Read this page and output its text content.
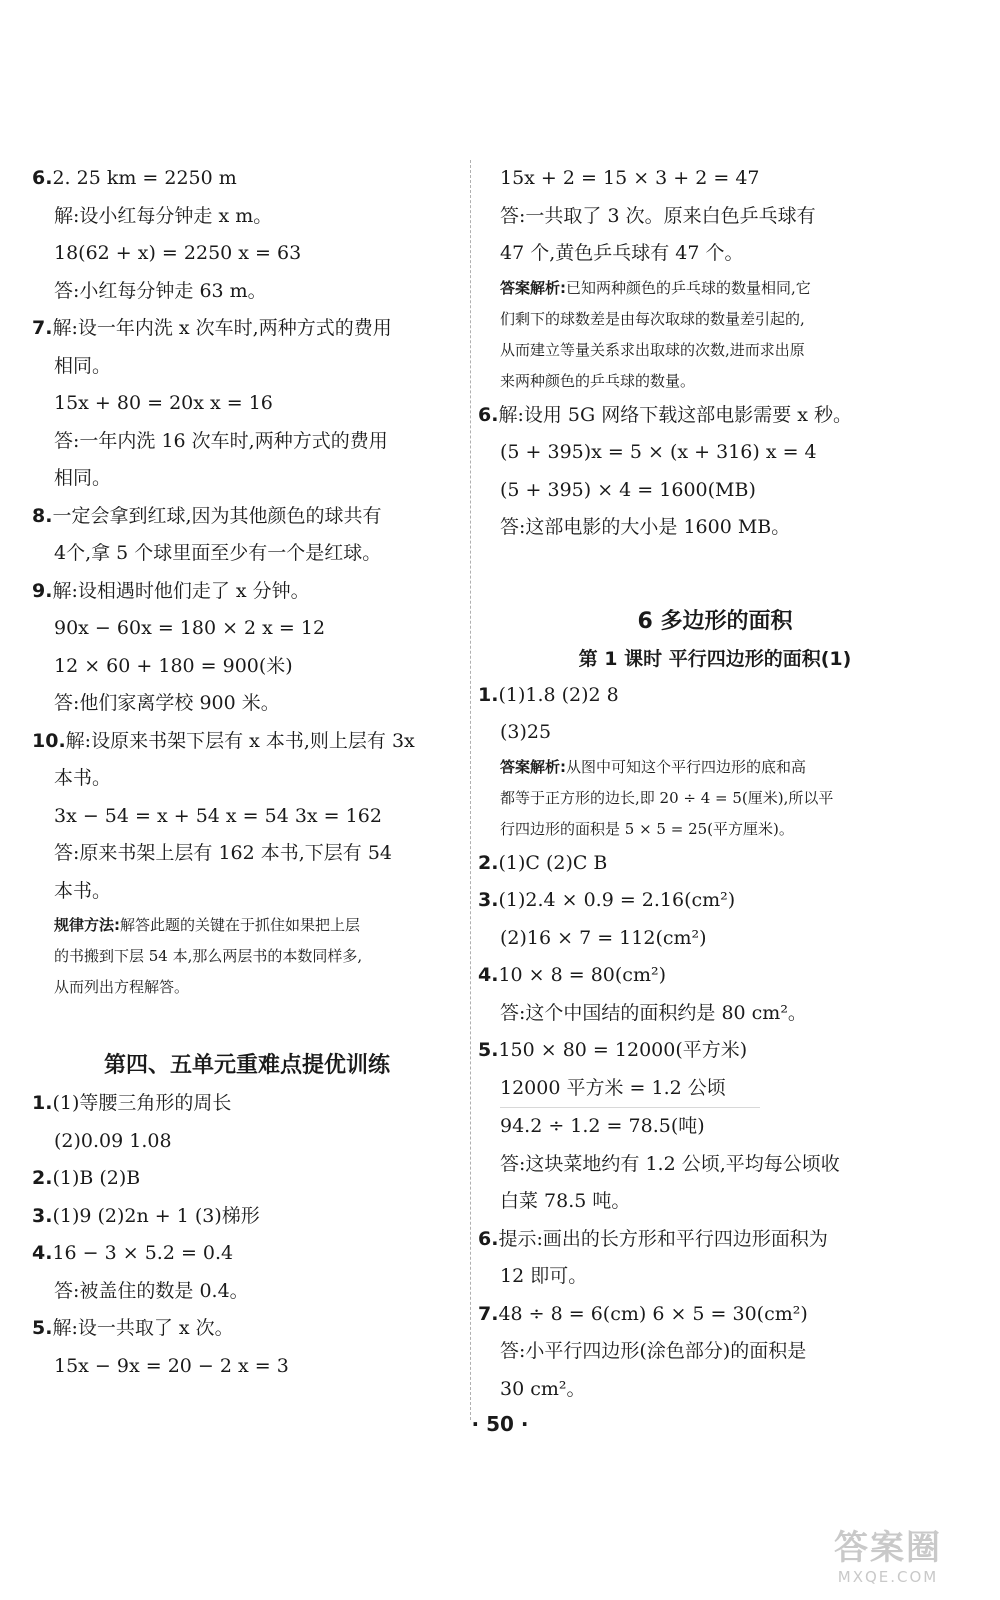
6.2. 25 km = 2250 m
解:设小红每分钟走 x m。
18(62 + x) = 2250 x = 63
答:小红每分钟走 63 m。
7.解:设一年内洗 x 次车时,两种方式的费用
相同。
15x + 80 = 20x x = 16
答:一年内洗 16 次车时,两种方式的费用
相同。
8.一定会拿到红球,因为其他颜色的球共有
4个,拿 5 个球里面至少有一个是红球。
9.解:设相遇时他们走了 x 分钟。
90x − 60x = 180 × 2 x = 12
12 × 60 + 180 = 900(米)
答:他们家离学校 900 米。
10.解:设原来书架下层有 x 本书,则上层有 3x
本书。
3x − 54 = x + 54 x = 54 3x = 162
答:原来书架上层有 162 本书,下层有 54
本书。
规律方法:解答此题的关键在于抓住如果把上层
的书搬到下层 54 本,那么两层书的本数同样多,
从而列出方程解答。
第四、五单元重难点提优训练
1.(1)等腰三角形的周长
(2)0.09 1.08
2.(1)B (2)B
3.(1)9 (2)2n + 1 (3)梯形
4.16 − 3 × 5.2 = 0.4
答:被盖住的数是 0.4。
5.解:设一共取了 x 次。
15x − 9x = 20 − 2 x = 3
15x + 2 = 15 × 3 + 2 = 47
答:一共取了 3 次。原来白色乒乓球有
47 个,黄色乒乓球有 47 个。
答案解析:已知两种颜色的乒乓球的数量相同,它
们剩下的球数差是由每次取球的数量差引起的,
从而建立等量关系求出取球的次数,进而求出原
来两种颜色的乒乓球的数量。
6.解:设用 5G 网络下载这部电影需要 x 秒。
(5 + 395)x = 5 × (x + 316) x = 4
(5 + 395) × 4 = 1600(MB)
答:这部电影的大小是 1600 MB。
6 多边形的面积
第 1 课时 平行四边形的面积(1)
1.(1)1.8 (2)2 8
(3)25
答案解析:从图中可知这个平行四边形的底和高
都等于正方形的边长,即 20 ÷ 4 = 5(厘米),所以平
行四边形的面积是 5 × 5 = 25(平方厘米)。
2.(1)C (2)C B
3.(1)2.4 × 0.9 = 2.16(cm²)
(2)16 × 7 = 112(cm²)
4.10 × 8 = 80(cm²)
答:这个中国结的面积约是 80 cm²。
5.150 × 80 = 12000(平方米)
12000 平方米 = 1.2 公顷
94.2 ÷ 1.2 = 78.5(吨)
答:这块菜地约有 1.2 公顷,平均每公顷收
白菜 78.5 吨。
6.提示:画出的长方形和平行四边形面积为
12 即可。
7.48 ÷ 8 = 6(cm) 6 × 5 = 30(cm²)
答:小平行四边形(涂色部分)的面积是
30 cm²。
· 50 ·
答案圈
MXQE.COM
